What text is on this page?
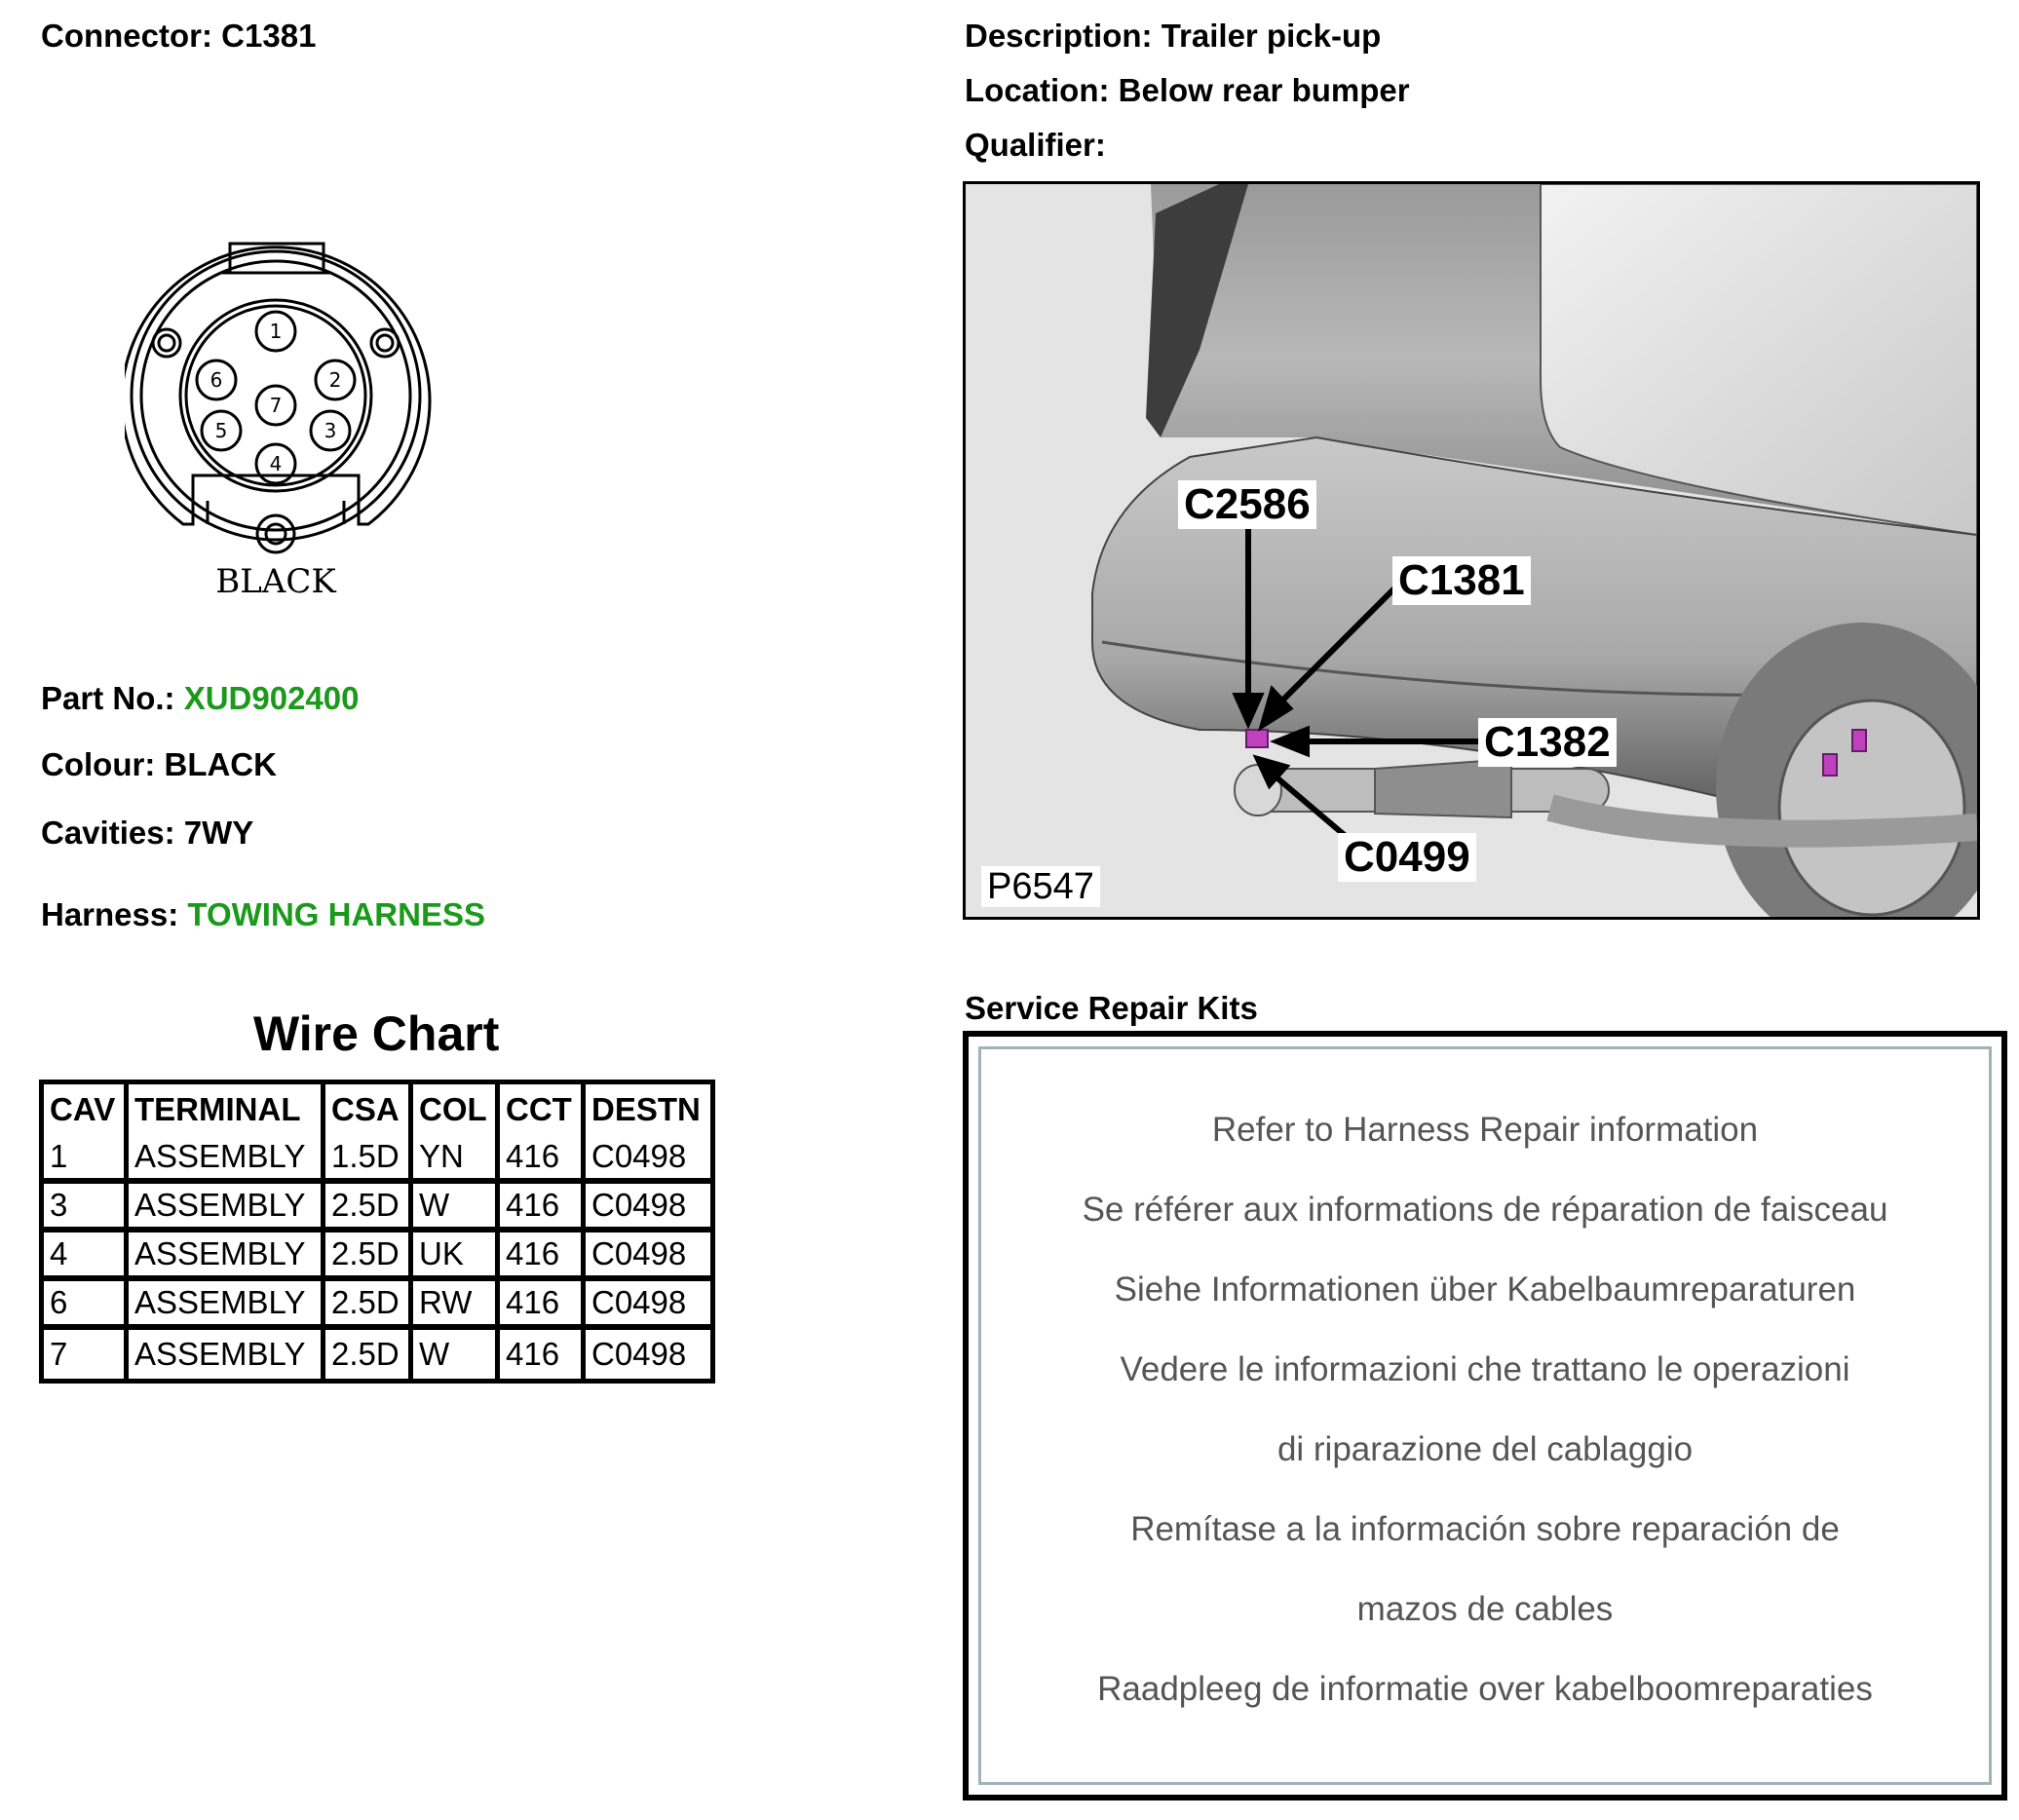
Connector: C1381	Description: Trailer pick-up
Location: Below rear bumper
Qualifier:
1
2
3
4
5
6
7
BLACK
Part No.: XUD902400
Colour: BLACK
Cavities: 7WY
Harness: TOWING HARNESS
Wire Chart
CAV	TERMINAL	CSA	COL	CCT	DESTN
1	ASSEMBLY	1.5D	YN	416	C0498
3	ASSEMBLY	2.5D	W	416	C0498
4	ASSEMBLY	2.5D	UK	416	C0498
6	ASSEMBLY	2.5D	RW	416	C0498
7	ASSEMBLY	2.5D	W	416	C0498
C2586
C1381
C1382
C0499
P6547
Service Repair Kits
Refer to Harness Repair information
Se référer aux informations de réparation de faisceau
Siehe Informationen über Kabelbaumreparaturen
Vedere le informazioni che trattano le operazioni
di riparazione del cablaggio
Remítase a la información sobre reparación de
mazos de cables
Raadpleeg de informatie over kabelboomreparaties
